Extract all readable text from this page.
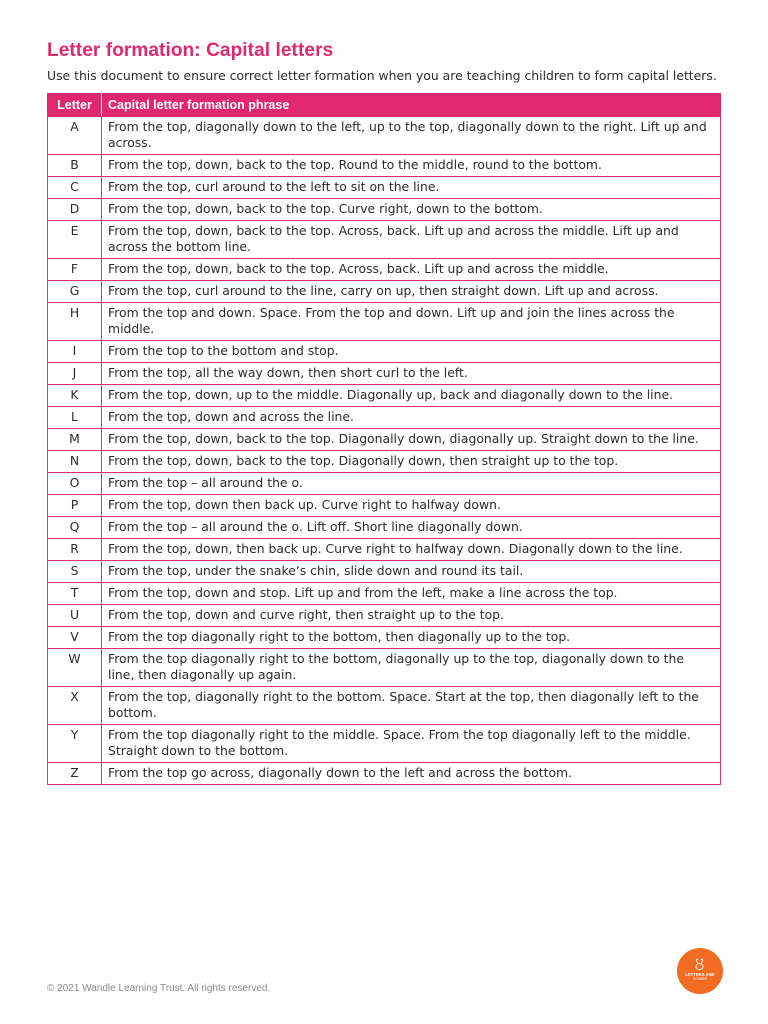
Letter formation: Capital letters

Use this document to ensure correct letter formation when you are teaching children to form capital letters.

Letter	Capital letter formation phrase
A	From the top, diagonally down to the left, up to the top, diagonally down to the right. Lift up and across.
B	From the top, down, back to the top. Round to the middle, round to the bottom.
C	From the top, curl around to the left to sit on the line.
D	From the top, down, back to the top. Curve right, down to the bottom.
E	From the top, down, back to the top. Across, back. Lift up and across the middle. Lift up and across the bottom line.
F	From the top, down, back to the top. Across, back. Lift up and across the middle.
G	From the top, curl around to the line, carry on up, then straight down. Lift up and across.
H	From the top and down. Space. From the top and down. Lift up and join the lines across the middle.
I	From the top to the bottom and stop.
J	From the top, all the way down, then short curl to the left.
K	From the top, down, up to the middle. Diagonally up, back and diagonally down to the line.
L	From the top, down and across the line.
M	From the top, down, back to the top. Diagonally down, diagonally up. Straight down to the line.
N	From the top, down, back to the top. Diagonally down, then straight up to the top.
O	From the top – all around the o.
P	From the top, down then back up. Curve right to halfway down.
Q	From the top – all around the o. Lift off. Short line diagonally down.
R	From the top, down, then back up. Curve right to halfway down. Diagonally down to the line.
S	From the top, under the snake’s chin, slide down and round its tail.
T	From the top, down and stop. Lift up and from the left, make a line across the top.
U	From the top, down and curve right, then straight up to the top.
V	From the top diagonally right to the bottom, then diagonally up to the top.
W	From the top diagonally right to the bottom, diagonally up to the top, diagonally down to the line, then diagonally up again.
X	From the top, diagonally right to the bottom. Space. Start at the top, then diagonally left to the bottom.
Y	From the top diagonally right to the middle. Space. From the top diagonally left to the middle. Straight down to the bottom.
Z	From the top go across, diagonally down to the left and across the bottom.
© 2021 Wandle Learning Trust. All rights reserved.
LETTERS AND
SOUNDS
